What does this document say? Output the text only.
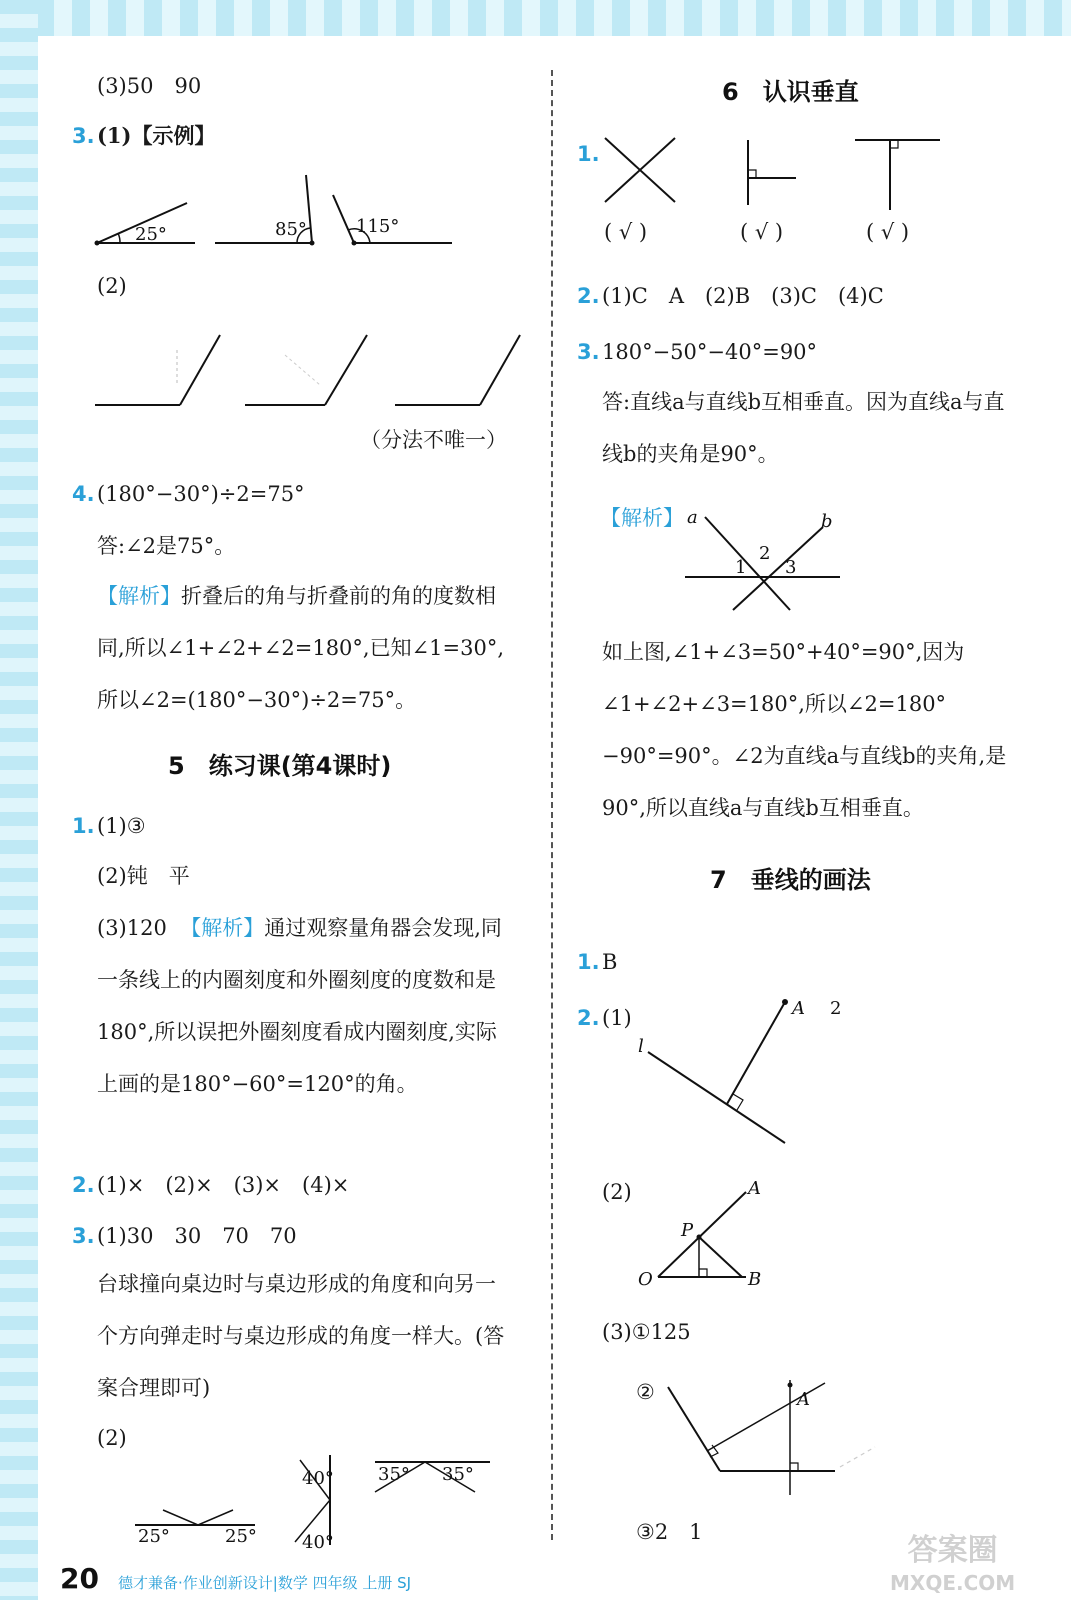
(3)50　90
3. (1)【示例】
25°	85°	115°
(2)
（分法不唯一）
4. (180°−30°)÷2=75°
答:∠2是75°。
【解析】折叠后的角与折叠前的角的度数相同,所以∠1+∠2+∠2=180°,已知∠1=30°,所以∠2=(180°−30°)÷2=75°。
5　练习课(第4课时)
1. (1)③
(2)钝　平
(3)120 【解析】通过观察量角器会发现,同一条线上的内圈刻度和外圈刻度的度数和是180°,所以误把外圈刻度看成内圈刻度,实际上画的是180°−60°=120°的角。
2. (1)×　(2)×　(3)×　(4)×
3. (1)30　30　70　70
台球撞向桌边时与桌边形成的角度和向另一个方向弹走时与桌边形成的角度一样大。(答案合理即可)
(2)
25°	25°
40°
40°
35° 35°
6　认识垂直
1.
( √ )	( √ )	( √ )
2. (1)C　A　(2)B　(3)C　(4)C
3. 180°−50°−40°=90°
答:直线a与直线b互相垂直。因为直线a与直线b的夹角是90°。
【解析】 a	b
1
2
3
如上图,∠1+∠3=50°+40°=90°,因为∠1+∠2+∠3=180°,所以∠2=180°−90°=90°。∠2为直线a与直线b的夹角,是90°,所以直线a与直线b互相垂直。
7　垂线的画法
1. B
2. (1)	A 2
l
(2)	A
P
O	B
(3)①125
②	A
③2　1
20 德才兼备·作业创新设计|数学 四年级 上册 SJ
答案圈
MXQE.COM
